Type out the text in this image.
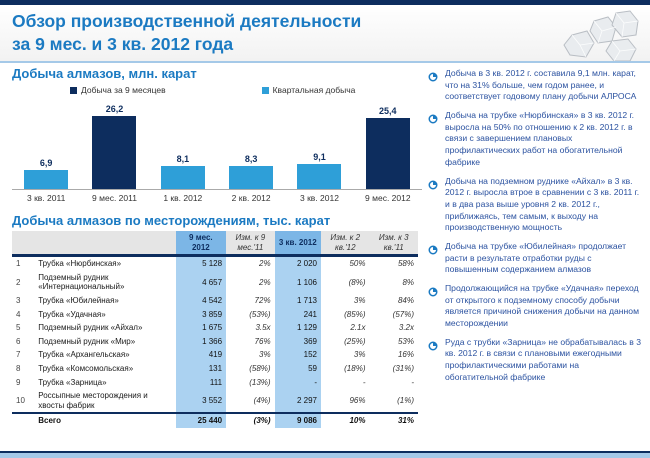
Обзор производственной деятельности
за 9 мес. и 3 кв. 2012 года
Добыча алмазов, млн. карат
Добыча за 9 месяцев	Квартальная добыча
6,9
26,2
8,1	8,3	9,1
25,4
3 кв. 2011	9 мес. 2011	1 кв. 2012	2 кв. 2012	3 кв. 2012	9 мес. 2012
Добыча алмазов по месторождениям, тыс. карат
		9 мес. 2012	Изм. к 9 мес.'11	3 кв. 2012	Изм. к 2 кв.'12	Изм. к 3 кв.'11
1	Трубка «Нюрбинская»	5 128	2%	2 020	50%	58%
2	Подземный рудник «Интернациональный»	4 657	2%	1 106	(8%)	8%
3	Трубка «Юбилейная»	4 542	72%	1 713	3%	84%
4	Трубка «Удачная»	3 859	(53%)	241	(85%)	(57%)
5	Подземный рудник «Айхал»	1 675	3.5x	1 129	2.1x	3.2x
6	Подземный рудник «Мир»	1 366	76%	369	(25%)	53%
7	Трубка «Архангельская»	419	3%	152	3%	16%
8	Трубка «Комсомольская»	131	(58%)	59	(18%)	(31%)
9	Трубка «Зарница»	111	(13%)	-	-	-
10	Россыпные месторождения и хвосты фабрик	3 552	(4%)	2 297	96%	(1%)
	Всего	25 440	(3%)	9 086	10%	31%
Добыча в 3 кв. 2012 г. составила 9,1 млн. карат, что на 31% больше, чем годом ранее, и соответствует годовому плану добычи АЛРОСА
Добыча на трубке «Нюрбинская» в 3 кв. 2012 г. выросла на 50% по отношению к 2 кв. 2012 г. в связи с завершением плановых профилактических работ на обогатительной фабрике
Добыча на подземном руднике «Айхал» в 3 кв. 2012 г. выросла втрое в сравнении с 3 кв. 2011 г. и в два раза выше уровня 2 кв. 2012 г., приближаясь, тем самым, к выходу на производственную мощность
Добыча на трубке «Юбилейная» продолжает расти в результате отработки руды с повышенным содержанием алмазов
Продолжающийся на трубке «Удачная» переход от открытого к подземному способу добычи является причиной снижения добычи на данном месторождении
Руда с трубки «Зарница» не обрабатывалась в 3 кв. 2012 г. в связи с плановыми ежегодными профилактическими работами на обогатительной фабрике
